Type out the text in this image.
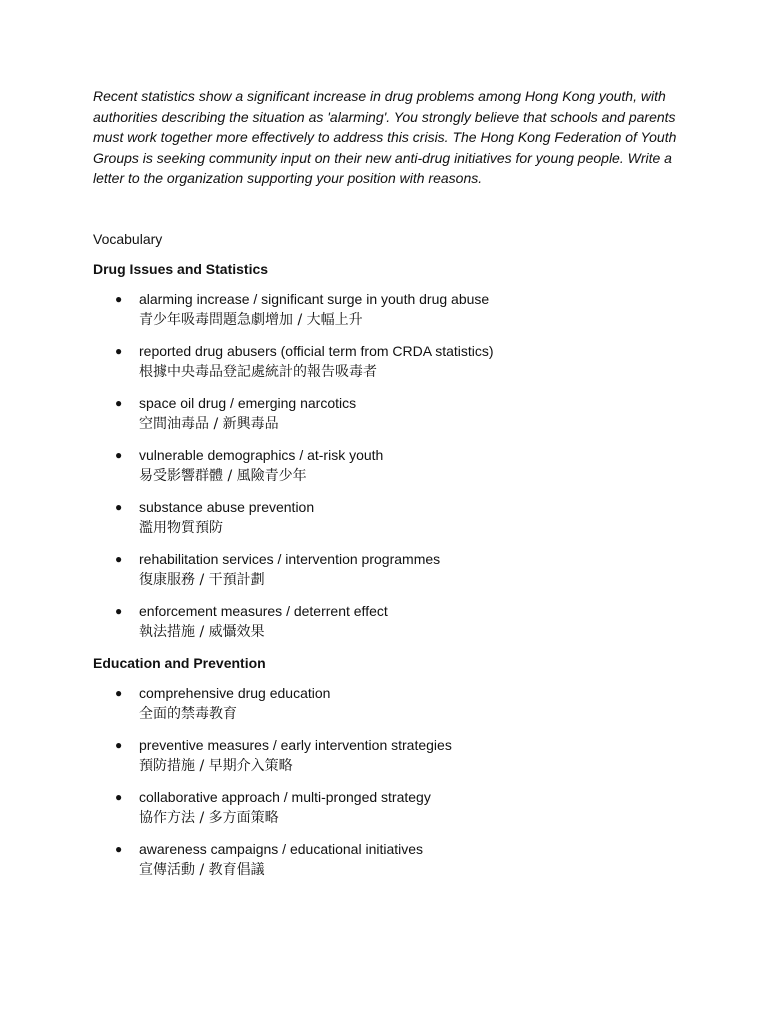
Recent statistics show a significant increase in drug problems among Hong Kong youth, with authorities describing the situation as 'alarming'. You strongly believe that schools and parents must work together more effectively to address this crisis. The Hong Kong Federation of Youth Groups is seeking community input on their new anti-drug initiatives for young people. Write a letter to the organization supporting your position with reasons.

Vocabulary
Drug Issues and Statistics
● alarming increase / significant surge in youth drug abuse
青少年吸毒問題急劇增加 / 大幅上升
● reported drug abusers (official term from CRDA statistics)
根據中央毒品登記處統計的報告吸毒者
● space oil drug / emerging narcotics
空間油毒品 / 新興毒品
● vulnerable demographics / at-risk youth
易受影響群體 / 風險青少年
● substance abuse prevention
濫用物質預防
● rehabilitation services / intervention programmes
復康服務 / 干預計劃
● enforcement measures / deterrent effect
執法措施 / 威懾效果
Education and Prevention
● comprehensive drug education
全面的禁毒教育
● preventive measures / early intervention strategies
預防措施 / 早期介入策略
● collaborative approach / multi-pronged strategy
協作方法 / 多方面策略
● awareness campaigns / educational initiatives
宣傳活動 / 教育倡議
